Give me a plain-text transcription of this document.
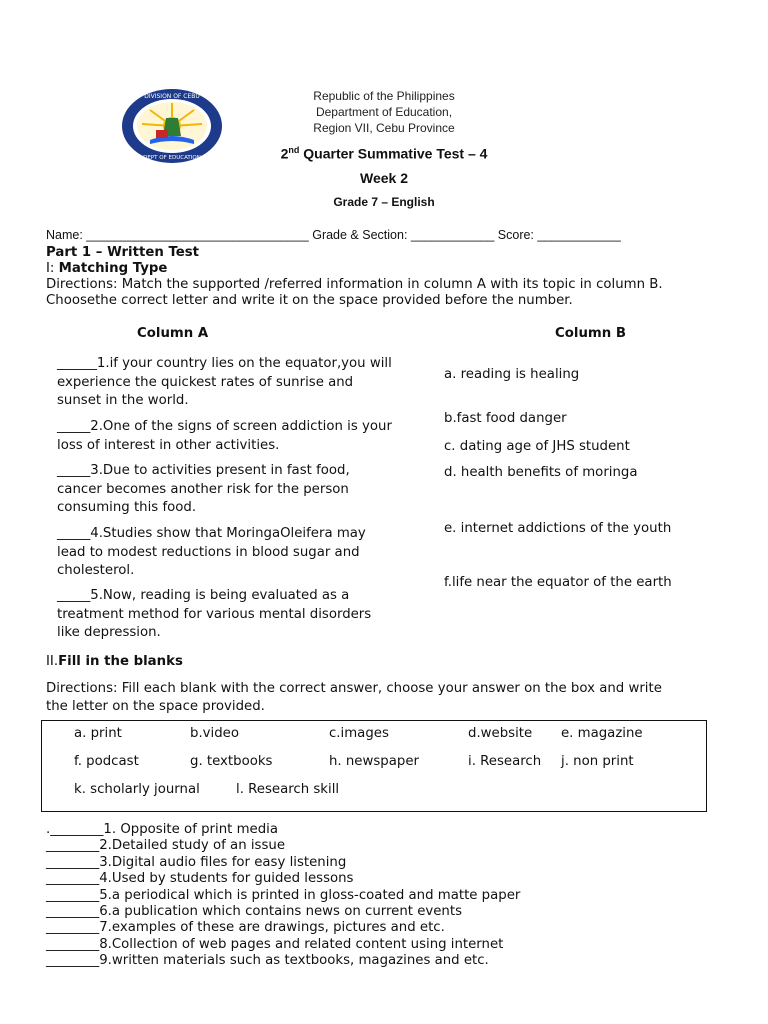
DIVISION OF CEBU
DEPT OF EDUCATION
Republic of the Philippines
Department of Education,
Region VII, Cebu Province
2nd Quarter Summative Test – 4
Week 2
Grade 7 – English
Name: ________________________________ Grade & Section: ____________ Score: ____________
Part 1 – Written Test
I: Matching Type
Directions: Match the supported /referred information in column A with its topic in column B.
Choosethe correct letter and write it on the space provided before the number.
Column A	Column B
______1.if your country lies on the equator,you will experience the quickest rates of sunrise and sunset in the world.
_____2.One of the signs of screen addiction is your loss of interest in other activities.
_____3.Due to activities present in fast food, cancer becomes another risk for the person consuming this food.
_____4.Studies show that MoringaOleifera may lead to modest reductions in blood sugar and cholesterol.
_____5.Now, reading is being evaluated as a treatment method for various mental disorders like depression.
a. reading is healing
b.fast food danger
c. dating age of JHS student
d. health benefits of moringa
e. internet addictions of the youth
f.life near the equator of the earth
II.Fill in the blanks
Directions: Fill each blank with the correct answer, choose your answer on the box and write
the letter on the space provided.
a. print	b.video	c.images	d.website e. magazine
f. podcast	g. textbooks	h. newspaper	i. Research j. non print
k. scholarly journal	l. Research skill
.________1. Opposite of print media
________2.Detailed study of an issue
________3.Digital audio files for easy listening
________4.Used by students for guided lessons
________5.a periodical which is printed in gloss-coated and matte paper
________6.a publication which contains news on current events
________7.examples of these are drawings, pictures and etc.
________8.Collection of web pages and related content using internet
________9.written materials such as textbooks, magazines and etc.
